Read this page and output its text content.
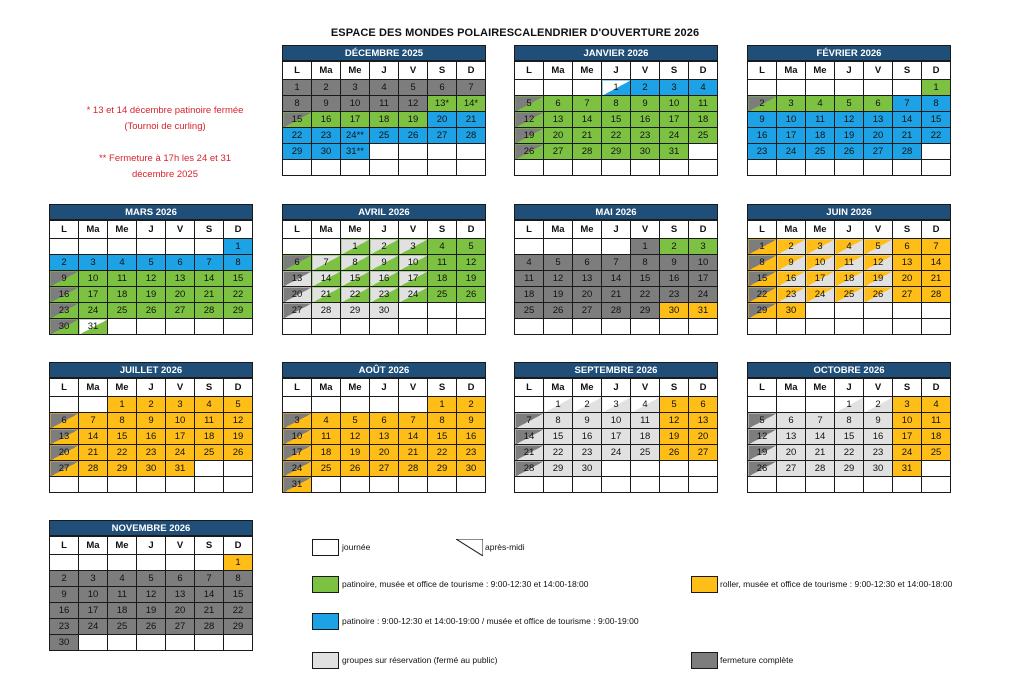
ESPACE DES MONDES POLAIRESCALENDRIER D'OUVERTURE 2026
* 13 et 14 décembre patinoire fermée
(Tournoi de curling)
** Fermeture à 17h les 24 et 31
décembre 2025
DÉCEMBRE 2025
L	Ma	Me	J	V	S	D
1	2	3	4	5	6	7
8	9	10	11	12	13*	14*
15	16	17	18	19	20	21
22	23	24**	25	26	27	28
29	30	31**				

JANVIER 2026
L	Ma	Me	J	V	S	D
			1	2	3	4
5	6	7	8	9	10	11
12	13	14	15	16	17	18
19	20	21	22	23	24	25
26	27	28	29	30	31	

FÉVRIER 2026
L	Ma	Me	J	V	S	D
						1
2	3	4	5	6	7	8
9	10	11	12	13	14	15
16	17	18	19	20	21	22
23	24	25	26	27	28	

MARS 2026
L	Ma	Me	J	V	S	D
						1
2	3	4	5	6	7	8
9	10	11	12	13	14	15
16	17	18	19	20	21	22
23	24	25	26	27	28	29
30	31					
AVRIL 2026
L	Ma	Me	J	V	S	D
		1	2	3	4	5
6	7	8	9	10	11	12
13	14	15	16	17	18	19
20	21	22	23	24	25	26
27	28	29	30			

MAI 2026
L	Ma	Me	J	V	S	D
				1	2	3
4	5	6	7	8	9	10
11	12	13	14	15	16	17
18	19	20	21	22	23	24
25	26	27	28	29	30	31

JUIN 2026
L	Ma	Me	J	V	S	D
1	2	3	4	5	6	7
8	9	10	11	12	13	14
15	16	17	18	19	20	21
22	23	24	25	26	27	28
29	30					

JUILLET 2026
L	Ma	Me	J	V	S	D
		1	2	3	4	5
6	7	8	9	10	11	12
13	14	15	16	17	18	19
20	21	22	23	24	25	26
27	28	29	30	31		

AOÛT 2026
L	Ma	Me	J	V	S	D
					1	2
3	4	5	6	7	8	9
10	11	12	13	14	15	16
17	18	19	20	21	22	23
24	25	26	27	28	29	30
31						
SEPTEMBRE 2026
L	Ma	Me	J	V	S	D
	1	2	3	4	5	6
7	8	9	10	11	12	13
14	15	16	17	18	19	20
21	22	23	24	25	26	27
28	29	30				

OCTOBRE 2026
L	Ma	Me	J	V	S	D
			1	2	3	4
5	6	7	8	9	10	11
12	13	14	15	16	17	18
19	20	21	22	23	24	25
26	27	28	29	30	31	

NOVEMBRE 2026
L	Ma	Me	J	V	S	D
						1
2	3	4	5	6	7	8
9	10	11	12	13	14	15
16	17	18	19	20	21	22
23	24	25	26	27	28	29
30						
journée	après-midi
patinoire, musée et office de tourisme : 9:00-12:30 et 14:00-18:00	roller, musée et office de tourisme : 9:00-12:30 et 14:00-18:00
patinoire : 9:00-12:30 et 14:00-19:00 / musée et office de tourisme : 9:00-19:00
groupes sur réservation (fermé au public)	fermeture complète
